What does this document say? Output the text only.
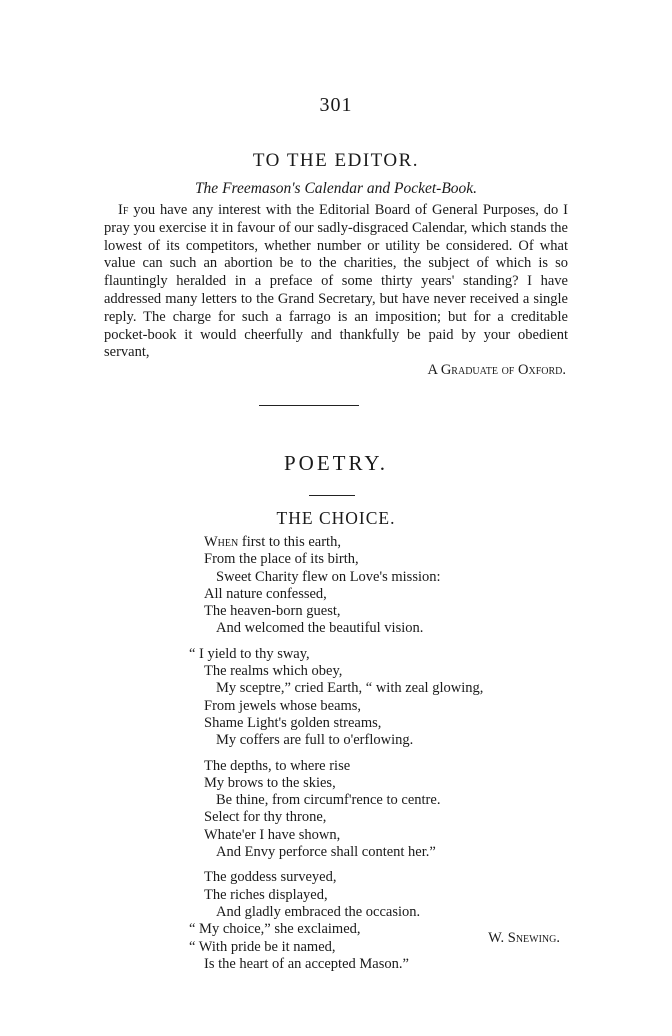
301
TO THE EDITOR.
The Freemason's Calendar and Pocket-Book.

If you have any interest with the Editorial Board of General Purposes, do I pray you exercise it in favour of our sadly-disgraced Calendar, which stands the lowest of its competitors, whether number or utility be considered. Of what value can such an abortion be to the charities, the subject of which is so flauntingly heralded in a preface of some thirty years' standing? I have addressed many letters to the Grand Secretary, but have never received a single reply. The charge for such a farrago is an imposition; but for a creditable pocket-book it would cheerfully and thankfully be paid by your obedient servant,

A Graduate of Oxford.

POETRY.
THE CHOICE.
When first to this earth,
From the place of its birth,
Sweet Charity flew on Love's mission:
All nature confessed,
The heaven-born guest,
And welcomed the beautiful vision.
“ I yield to thy sway,
The realms which obey,
My sceptre,” cried Earth, “ with zeal glowing,
From jewels whose beams,
Shame Light's golden streams,
My coffers are full to o'erflowing.
The depths, to where rise
My brows to the skies,
Be thine, from circumf'rence to centre.
Select for thy throne,
Whate'er I have shown,
And Envy perforce shall content her.”
The goddess surveyed,
The riches displayed,
And gladly embraced the occasion.
“ My choice,” she exclaimed,
“ With pride be it named,
Is the heart of an accepted Mason.”
W. Snewing.
